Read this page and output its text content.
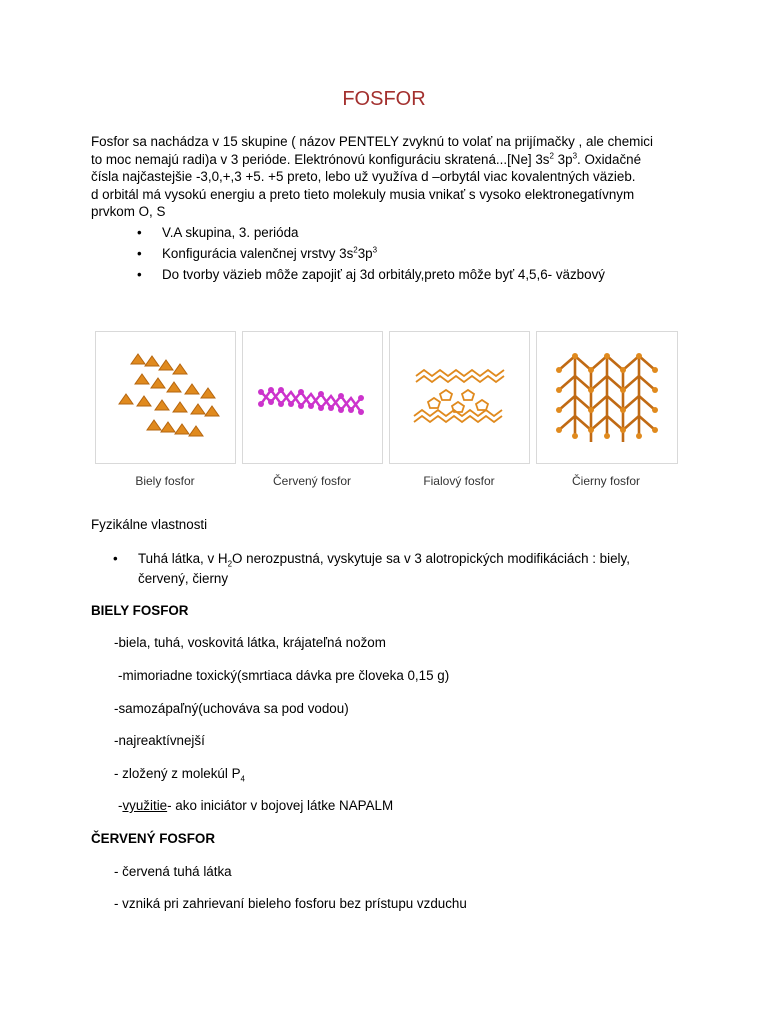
FOSFOR

Fosfor sa nachádza v 15 skupine ( názov PENTELY zvyknú to volať na prijímačky , ale chemici

to moc nemajú radi)a v 3 perióde. Elektrónovú konfiguráciu skratená...[Ne] $3s^2$ $3p^3$. Oxidačné

čísla najčastejšie -3,0,+,3 +5. +5 preto, lebo už využíva d –orbytál viac kovalentných väzieb.

d orbitál má vysokú energiu a preto tieto molekuly musia vnikať s vysoko elektronegatívnym

prvkom O, S

• V.A skupina, 3. perióda
• Konfigurácia valenčnej vrstvy $3s^23p^3$
• Do tvorby väzieb môže zapojiť aj 3d orbitály,preto môže byť 4,5,6- väzbový
Biely fosfor	Červený fosfor	Fialový fosfor	Čierny fosfor
Fyzikálne vlastnosti
• Tuhá látka, v $H_2O$ nerozpustná, vyskytuje sa v 3 alotropických modifikáciách : biely,
červený, čierny
BIELY FOSFOR
-biela, tuhá, voskovitá látka, krájateľná nožom
-mimoriadne toxický(smrtiaca dávka pre človeka 0,15 g)
-samozápaľný(uchováva sa pod vodou)
-najreaktívnejší
- zložený z molekúl $P_4$
-využitie- ako iniciátor v bojovej látke NAPALM
ČERVENÝ FOSFOR
- červená tuhá látka
- vzniká pri zahrievaní bieleho fosforu bez prístupu vzduchu
